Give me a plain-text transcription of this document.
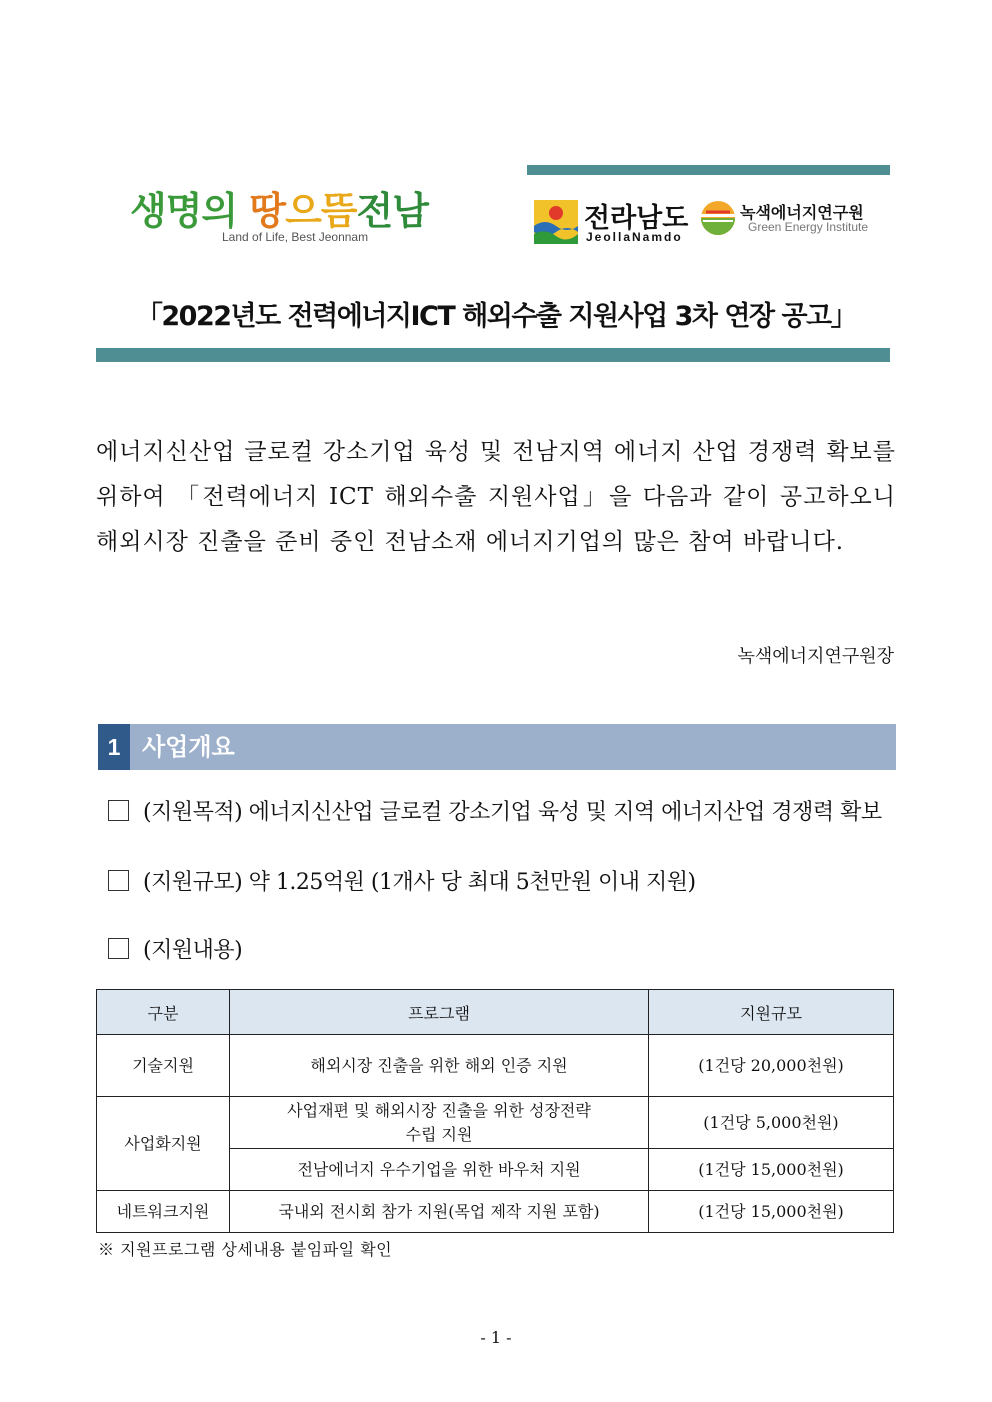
생명의 땅으뜸전남
Land of Life, Best Jeonnam
전라남도
JeollaNamdo
녹색에너지연구원
Green Energy Institute
「2022년도 전력에너지ICT 해외수출 지원사업 3차 연장 공고」
에너지신산업 글로컬 강소기업 육성 및 전남지역 에너지 산업 경쟁력 확보를 위하여 「전력에너지 ICT 해외수출 지원사업」을 다음과 같이 공고하오니 해외시장 진출을 준비 중인 전남소재 에너지기업의 많은 참여 바랍니다.
녹색에너지연구원장
1 사업개요
(지원목적) 에너지신산업 글로컬 강소기업 육성 및 지역 에너지산업 경쟁력 확보
(지원규모) 약 1.25억원 (1개사 당 최대 5천만원 이내 지원)
(지원내용)
구분	프로그램	지원규모
기술지원	해외시장 진출을 위한 해외 인증 지원	(1건당 20,000천원)
사업화지원	사업재편 및 해외시장 진출을 위한 성장전략수립 지원	(1건당 5,000천원)
	전남에너지 우수기업을 위한 바우처 지원	(1건당 15,000천원)
네트워크지원	국내외 전시회 참가 지원(목업 제작 지원 포함)	(1건당 15,000천원)
※ 지원프로그램 상세내용 붙임파일 확인
- 1 -
